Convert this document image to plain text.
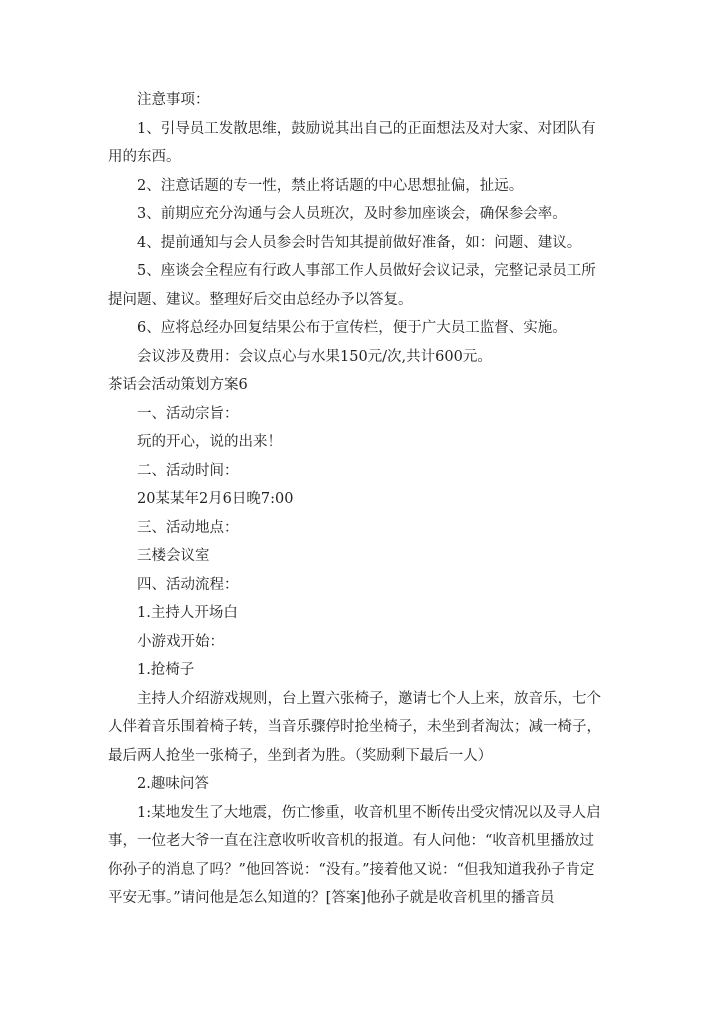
注意事项：

1、引导员工发散思维，鼓励说其出自己的正面想法及对大家、对团队有用的东西。

2、注意话题的专一性，禁止将话题的中心思想扯偏，扯远。

3、前期应充分沟通与会人员班次，及时参加座谈会，确保参会率。

4、提前通知与会人员参会时告知其提前做好准备，如：问题、建议。

5、座谈会全程应有行政人事部工作人员做好会议记录，完整记录员工所提问题、建议。整理好后交由总经办予以答复。

6、应将总经办回复结果公布于宣传栏，便于广大员工监督、实施。

会议涉及费用：会议点心与水果150元/次,共计600元。

茶话会活动策划方案6

一、活动宗旨：

玩的开心，说的出来！

二、活动时间：

20某某年2月6日晚7:00

三、活动地点：

三楼会议室

四、活动流程：

1.主持人开场白

小游戏开始：

1.抢椅子

主持人介绍游戏规则，台上置六张椅子，邀请七个人上来，放音乐，七个人伴着音乐围着椅子转，当音乐骤停时抢坐椅子，未坐到者淘汰；减一椅子，最后两人抢坐一张椅子，坐到者为胜。（奖励剩下最后一人）

2.趣味问答

1:某地发生了大地震，伤亡惨重，收音机里不断传出受灾情况以及寻人启事，一位老大爷一直在注意收听收音机的报道。有人问他：“收音机里播放过你孙子的消息了吗？”他回答说：“没有。”接着他又说：“但我知道我孙子肯定平安无事。”请问他是怎么知道的？[答案]他孙子就是收音机里的播音员
